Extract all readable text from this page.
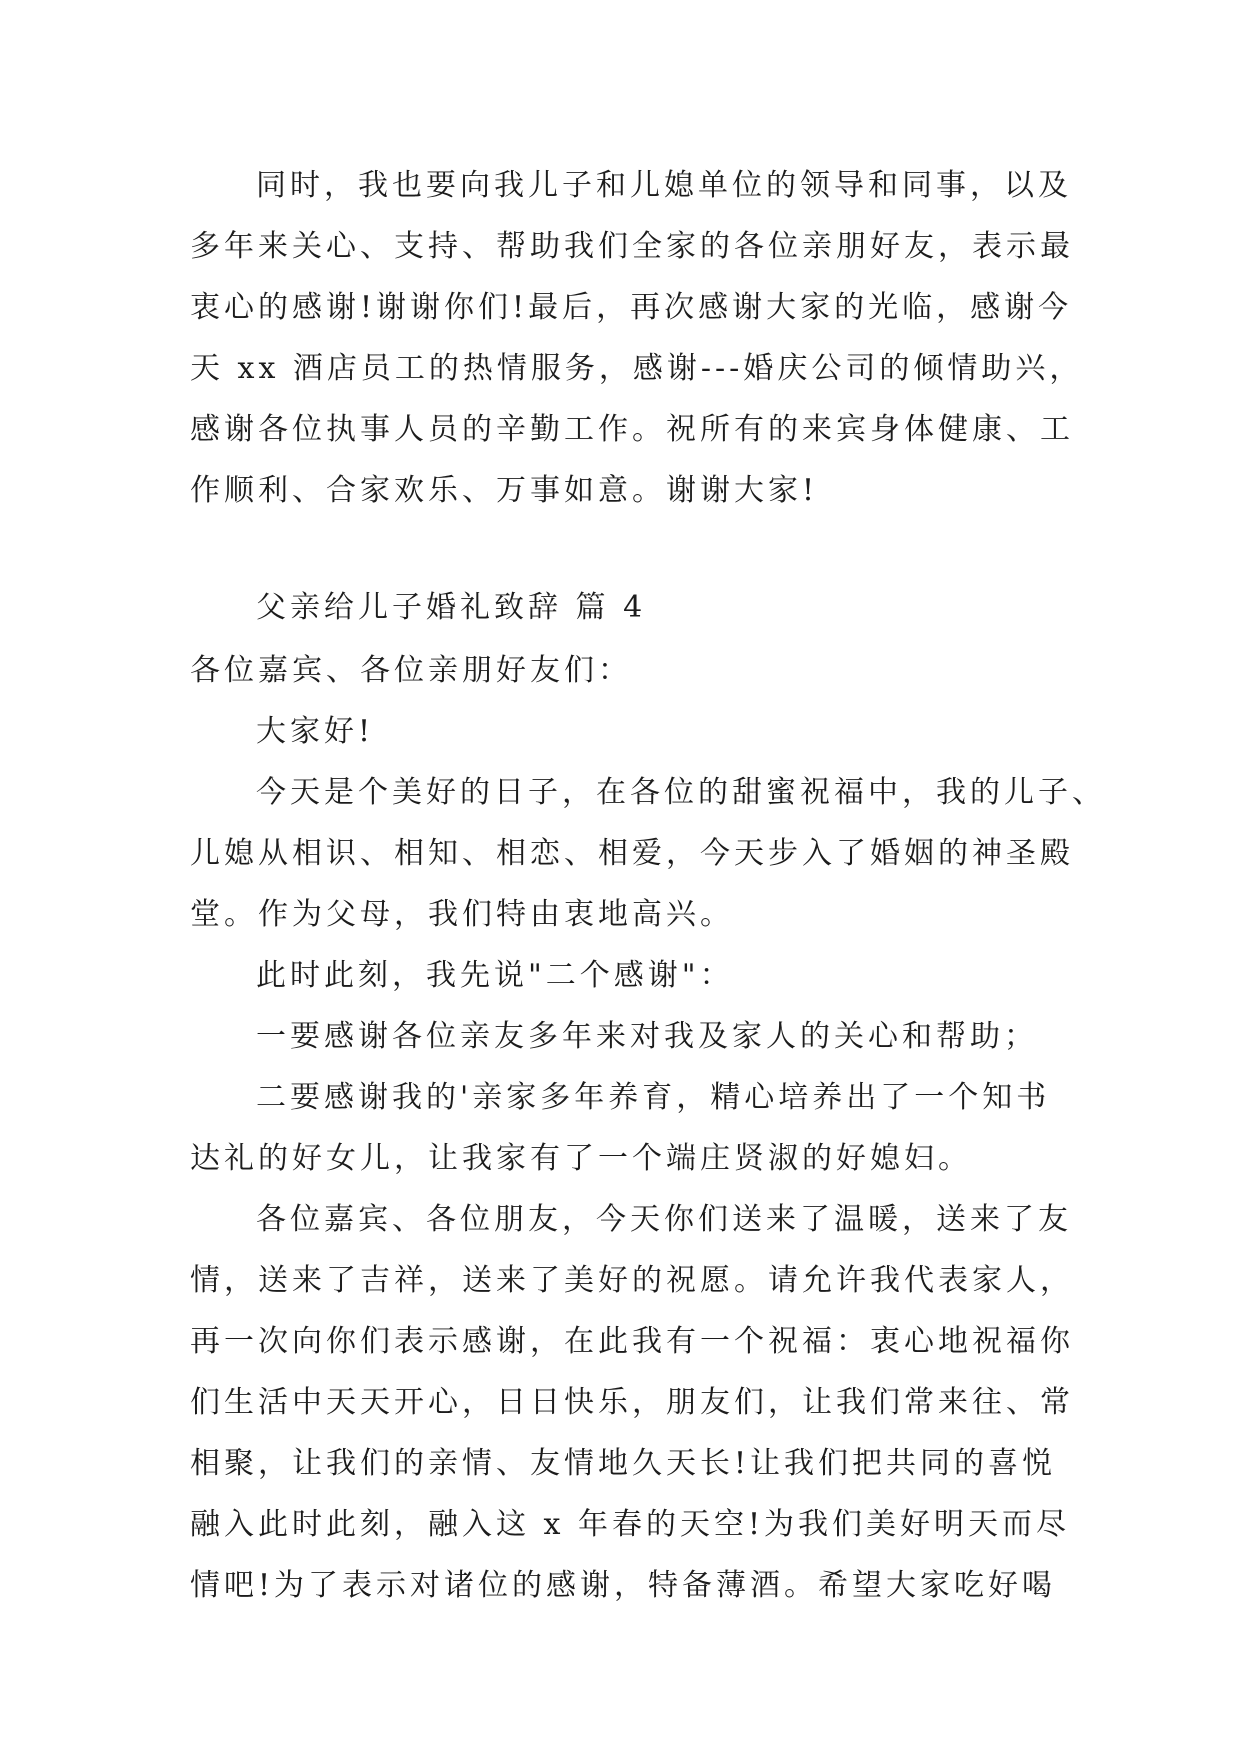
同时，我也要向我儿子和儿媳单位的领导和同事，以及
多年来关心、支持、帮助我们全家的各位亲朋好友，表示最
衷心的感谢!谢谢你们!最后，再次感谢大家的光临，感谢今
天 xx 酒店员工的热情服务，感谢---婚庆公司的倾情助兴，
感谢各位执事人员的辛勤工作。祝所有的来宾身体健康、工
作顺利、合家欢乐、万事如意。谢谢大家!
父亲给儿子婚礼致辞 篇 4
各位嘉宾、各位亲朋好友们：
大家好!
今天是个美好的日子，在各位的甜蜜祝福中，我的儿子、
儿媳从相识、相知、相恋、相爱，今天步入了婚姻的神圣殿
堂。作为父母，我们特由衷地高兴。
此时此刻，我先说"二个感谢"：
一要感谢各位亲友多年来对我及家人的关心和帮助；
二要感谢我的'亲家多年养育，精心培养出了一个知书
达礼的好女儿，让我家有了一个端庄贤淑的好媳妇。
各位嘉宾、各位朋友，今天你们送来了温暖，送来了友
情，送来了吉祥，送来了美好的祝愿。请允许我代表家人，
再一次向你们表示感谢，在此我有一个祝福：衷心地祝福你
们生活中天天开心，日日快乐，朋友们，让我们常来往、常
相聚，让我们的亲情、友情地久天长!让我们把共同的喜悦
融入此时此刻，融入这 x 年春的天空!为我们美好明天而尽
情吧!为了表示对诸位的感谢，特备薄酒。希望大家吃好喝
